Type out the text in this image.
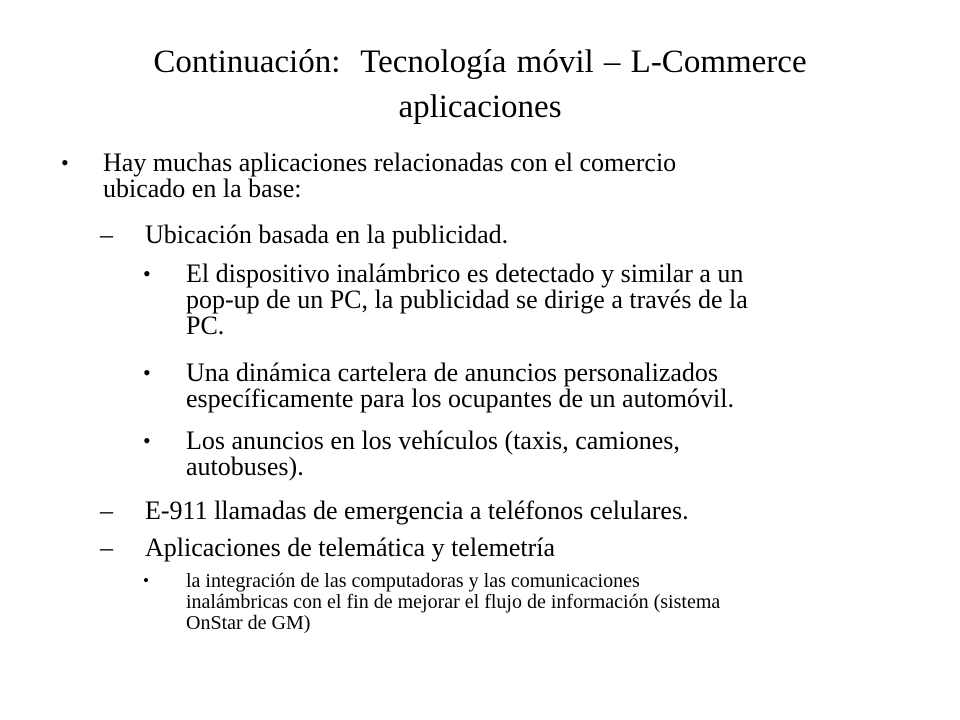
Continuación:  Tecnología móvil – L-Commerce
aplicaciones
• Hay muchas aplicaciones relacionadas con el comercio
ubicado en la base:
– Ubicación basada en la publicidad.
• El dispositivo inalámbrico es detectado y similar a un
pop-up de un PC, la publicidad se dirige a través de la
PC.
• Una dinámica cartelera de anuncios personalizados
específicamente para los ocupantes de un automóvil.
• Los anuncios en los vehículos (taxis, camiones,
autobuses).
– E-911 llamadas de emergencia a teléfonos celulares.
– Aplicaciones de telemática y telemetría
• la integración de las computadoras y las comunicaciones
inalámbricas con el fin de mejorar el flujo de información (sistema
OnStar de GM)
